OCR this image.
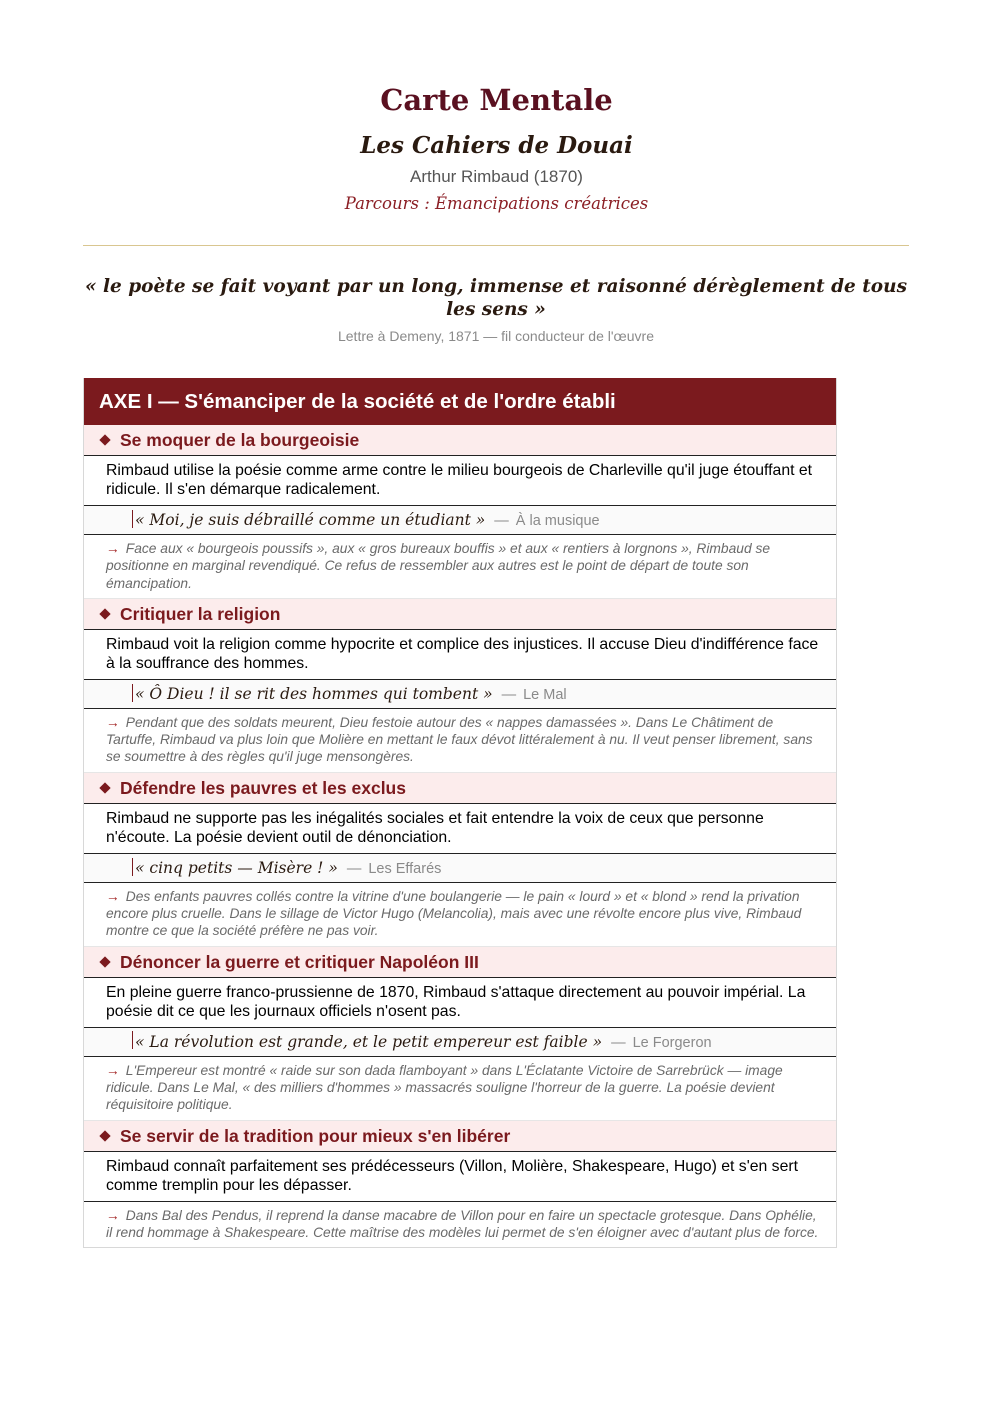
Carte Mentale
Les Cahiers de Douai
Arthur Rimbaud (1870)
Parcours : Émancipations créatrices
« le poète se fait voyant par un long, immense et raisonné dérèglement de tous les sens »
Lettre à Demeny, 1871 — fil conducteur de l'œuvre
AXE I — S'émanciper de la société et de l'ordre établi
Se moquer de la bourgeoisie
Rimbaud utilise la poésie comme arme contre le milieu bourgeois de Charleville qu'il juge étouffant et ridicule. Il s'en démarque radicalement.
« Moi, je suis débraillé comme un étudiant » — À la musique
→ Face aux « bourgeois poussifs », aux « gros bureaux bouffis » et aux « rentiers à lorgnons », Rimbaud se positionne en marginal revendiqué. Ce refus de ressembler aux autres est le point de départ de toute son émancipation.
Critiquer la religion
Rimbaud voit la religion comme hypocrite et complice des injustices. Il accuse Dieu d'indifférence face à la souffrance des hommes.
« Ô Dieu ! il se rit des hommes qui tombent » — Le Mal
→ Pendant que des soldats meurent, Dieu festoie autour des « nappes damassées ». Dans Le Châtiment de Tartuffe, Rimbaud va plus loin que Molière en mettant le faux dévot littéralement à nu. Il veut penser librement, sans se soumettre à des règles qu'il juge mensongères.
Défendre les pauvres et les exclus
Rimbaud ne supporte pas les inégalités sociales et fait entendre la voix de ceux que personne n'écoute. La poésie devient outil de dénonciation.
« cinq petits — Misère ! » — Les Effarés
→ Des enfants pauvres collés contre la vitrine d'une boulangerie — le pain « lourd » et « blond » rend la privation encore plus cruelle. Dans le sillage de Victor Hugo (Melancolia), mais avec une révolte encore plus vive, Rimbaud montre ce que la société préfère ne pas voir.
Dénoncer la guerre et critiquer Napoléon III
En pleine guerre franco-prussienne de 1870, Rimbaud s'attaque directement au pouvoir impérial. La poésie dit ce que les journaux officiels n'osent pas.
« La révolution est grande, et le petit empereur est faible » — Le Forgeron
→ L'Empereur est montré « raide sur son dada flamboyant » dans L'Éclatante Victoire de Sarrebrück — image ridicule. Dans Le Mal, « des milliers d'hommes » massacrés souligne l'horreur de la guerre. La poésie devient réquisitoire politique.
Se servir de la tradition pour mieux s'en libérer
Rimbaud connaît parfaitement ses prédécesseurs (Villon, Molière, Shakespeare, Hugo) et s'en sert comme tremplin pour les dépasser.
→ Dans Bal des Pendus, il reprend la danse macabre de Villon pour en faire un spectacle grotesque. Dans Ophélie, il rend hommage à Shakespeare. Cette maîtrise des modèles lui permet de s'en éloigner avec d'autant plus de force.
